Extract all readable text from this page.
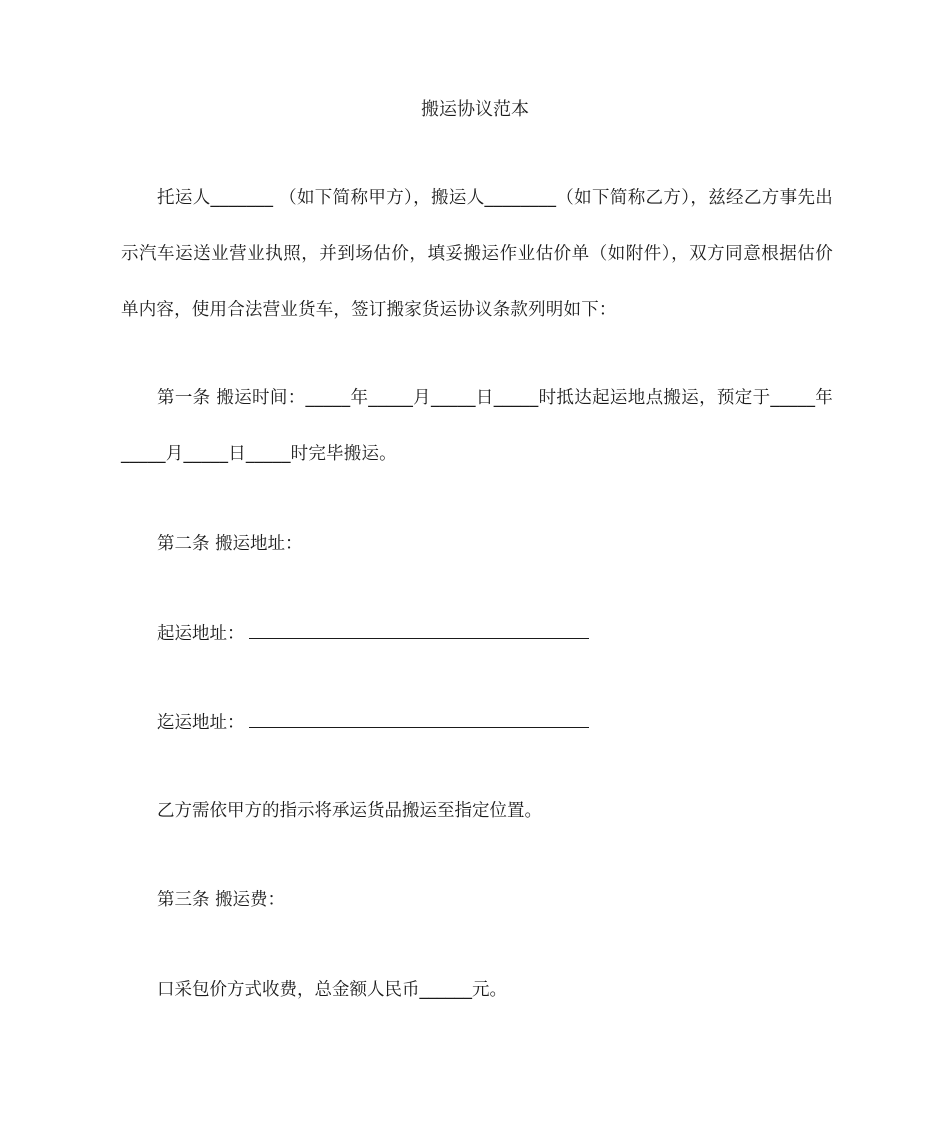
搬运协议范本
托运人_______ （如下简称甲方），搬运人________（如下简称乙方），兹经乙方事先出示汽车运送业营业执照，并到场估价，填妥搬运作业估价单（如附件），双方同意根据估价单内容，使用合法营业货车，签订搬家货运协议条款列明如下：
第一条 搬运时间：_____年_____月_____日_____时抵达起运地点搬运，预定于_____年_____月_____日_____时完毕搬运。
第二条 搬运地址：
起运地址：
迄运地址：
乙方需依甲方的指示将承运货品搬运至指定位置。
第三条 搬运费：
口采包价方式收费，总金额人民币______元。
